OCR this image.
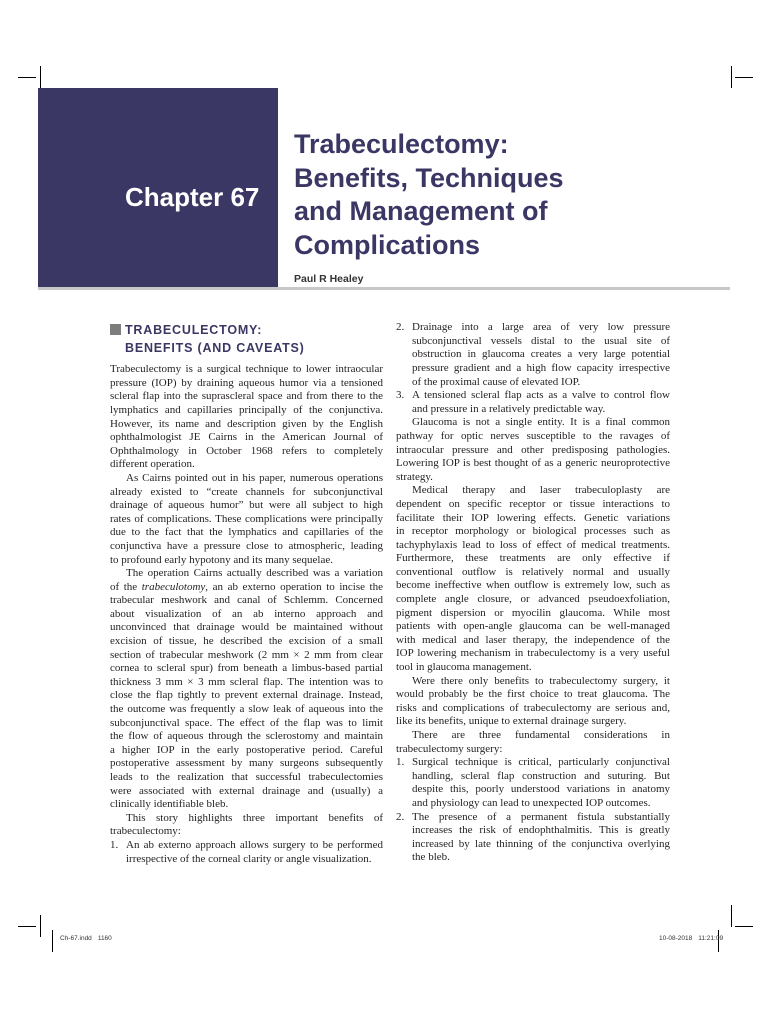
Chapter 67
Trabeculectomy:
Benefits, Techniques
and Management of
Complications
Paul R Healey
TRABECULECTOMY:
BENEFITS (AND CAVEATS)
Trabeculectomy is a surgical technique to lower intraocular
pressure (IOP) by draining aqueous humor via a tensioned
scleral flap into the suprascleral space and from there to the
lymphatics and capillaries principally of the conjunctiva.
However, its name and description given by the English
ophthalmologist JE Cairns in the American Journal of
Ophthalmology in October 1968 refers to completely
different operation.
As Cairns pointed out in his paper, numerous operations
already existed to “create channels for subconjunctival
drainage of aqueous humor” but were all subject to high
rates of complications. These complications were principally
due to the fact that the lymphatics and capillaries of the
conjunctiva have a pressure close to atmospheric, leading
to profound early hypotony and its many sequelae.
The operation Cairns actually described was a variation
of the trabeculotomy, an ab externo operation to incise the
trabecular meshwork and canal of Schlemm. Concerned
about visualization of an ab interno approach and
unconvinced that drainage would be maintained without
excision of tissue, he described the excision of a small
section of trabecular meshwork (2 mm × 2 mm from clear
cornea to scleral spur) from beneath a limbus-based partial
thickness 3 mm × 3 mm scleral flap. The intention was to
close the flap tightly to prevent external drainage. Instead,
the outcome was frequently a slow leak of aqueous into the
subconjunctival space. The effect of the flap was to limit
the flow of aqueous through the sclerostomy and maintain
a higher IOP in the early postoperative period. Careful
postoperative assessment by many surgeons subsequently
leads to the realization that successful trabeculectomies
were associated with external drainage and (usually) a
clinically identifiable bleb.
This story highlights three important benefits of
trabeculectomy:
1. An ab externo approach allows surgery to be performed
irrespective of the corneal clarity or angle visualization.
2. Drainage into a large area of very low pressure
subconjunctival vessels distal to the usual site of
obstruction in glaucoma creates a very large potential
pressure gradient and a high flow capacity irrespective
of the proximal cause of elevated IOP.
3. A tensioned scleral flap acts as a valve to control flow
and pressure in a relatively predictable way.
Glaucoma is not a single entity. It is a final common
pathway for optic nerves susceptible to the ravages of
intraocular pressure and other predisposing pathologies.
Lowering IOP is best thought of as a generic neuroprotective
strategy.
Medical therapy and laser trabeculoplasty are
dependent on specific receptor or tissue interactions to
facilitate their IOP lowering effects. Genetic variations
in receptor morphology or biological processes such as
tachyphylaxis lead to loss of effect of medical treatments.
Furthermore, these treatments are only effective if
conventional outflow is relatively normal and usually
become ineffective when outflow is extremely low, such as
complete angle closure, or advanced pseudoexfoliation,
pigment dispersion or myocilin glaucoma. While most
patients with open-angle glaucoma can be well-managed
with medical and laser therapy, the independence of the
IOP lowering mechanism in trabeculectomy is a very useful
tool in glaucoma management.
Were there only benefits to trabeculectomy surgery, it
would probably be the first choice to treat glaucoma. The
risks and complications of trabeculectomy are serious and,
like its benefits, unique to external drainage surgery.
There are three fundamental considerations in
trabeculectomy surgery:
1. Surgical technique is critical, particularly conjunctival
handling, scleral flap construction and suturing. But
despite this, poorly understood variations in anatomy
and physiology can lead to unexpected IOP outcomes.
2. The presence of a permanent fistula substantially
increases the risk of endophthalmitis. This is greatly
increased by late thinning of the conjunctiva overlying
the bleb.
Ch-67.indd 1160	10-08-2018 11:21:09
